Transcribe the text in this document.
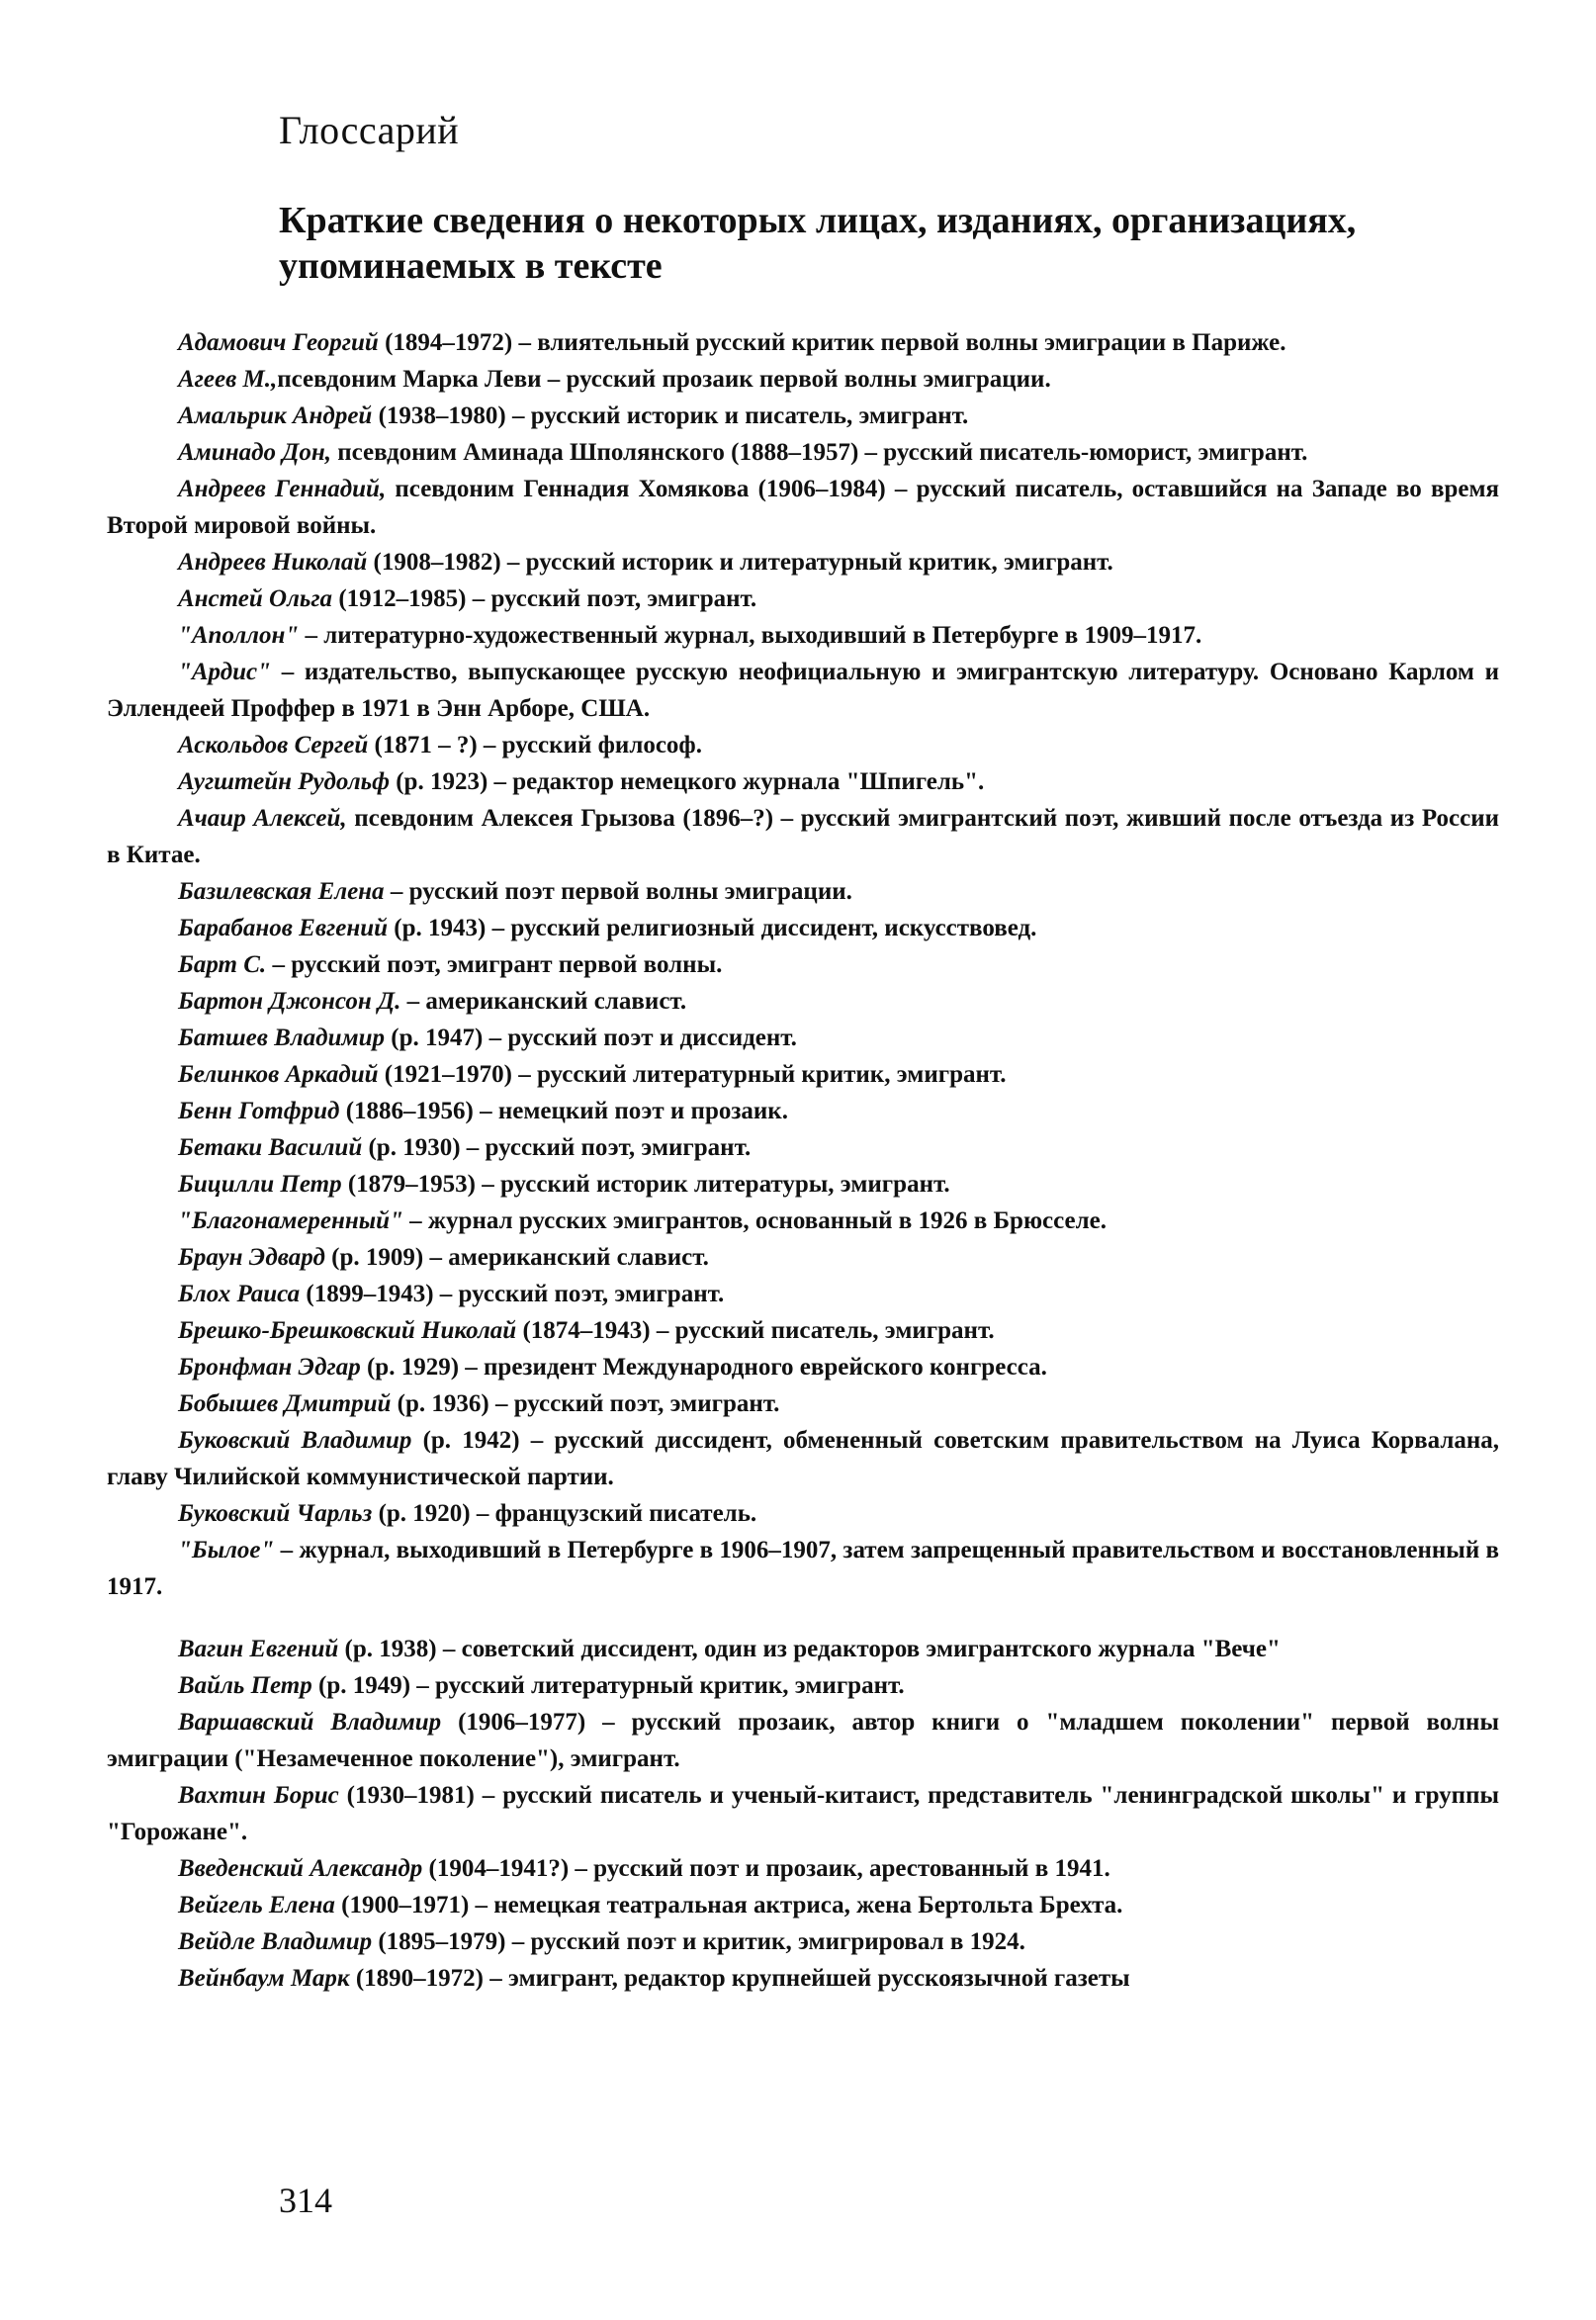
Глоссарий
Краткие сведения о некоторых лицах, изданиях, организациях, упоминаемых в тексте

Адамович Георгий (1894–1972) – влиятельный русский критик первой волны эмиграции в Париже.

Агеев М.,псевдоним Марка Леви – русский прозаик первой волны эмиграции.

Амальрик Андрей (1938–1980) – русский историк и писатель, эмигрант.

Аминадо Дон, псевдоним Аминада Шполянского (1888–1957) – русский писатель-юморист, эмигрант.

Андреев Геннадий, псевдоним Геннадия Хомякова (1906–1984) – русский писатель, оставшийся на Западе во время Второй мировой войны.

Андреев Николай (1908–1982) – русский историк и литературный критик, эмигрант.

Анстей Ольга (1912–1985) – русский поэт, эмигрант.

"Аполлон" – литературно-художественный журнал, выходивший в Петербурге в 1909–1917.

"Ардис" – издательство, выпускающее русскую неофициальную и эмигрантскую литературу. Основано Карлом и Эллендеей Проффер в 1971 в Энн Арборе, США.

Аскольдов Сергей (1871 – ?) – русский философ.

Аугштейн Рудольф (р. 1923) – редактор немецкого журнала "Шпигель".

Ачаир Алексей, псевдоним Алексея Грызова (1896–?) – русский эмигрантский поэт, живший после отъезда из России в Китае.

Базилевская Елена – русский поэт первой волны эмиграции.

Барабанов Евгений (р. 1943) – русский религиозный диссидент, искусствовед.

Барт С. – русский поэт, эмигрант первой волны.

Бартон Джонсон Д. – американский славист.

Батшев Владимир (р. 1947) – русский поэт и диссидент.

Белинков Аркадий (1921–1970) – русский литературный критик, эмигрант.

Бенн Готфрид (1886–1956) – немецкий поэт и прозаик.

Бетаки Василий (р. 1930) – русский поэт, эмигрант.

Бицилли Петр (1879–1953) – русский историк литературы, эмигрант.

"Благонамеренный" – журнал русских эмигрантов, основанный в 1926 в Брюсселе.

Браун Эдвард (р. 1909) – американский славист.

Блох Раиса (1899–1943) – русский поэт, эмигрант.

Брешко-Брешковский Николай (1874–1943) – русский писатель, эмигрант.

Бронфман Эдгар (р. 1929) – президент Международного еврейского конгресса.

Бобышев Дмитрий (р. 1936) – русский поэт, эмигрант.

Буковский Владимир (р. 1942) – русский диссидент, обмененный советским правительством на Луиса Корвалана, главу Чилийской коммунистической партии.

Буковский Чарльз (р. 1920) – французский писатель.

"Былое" – журнал, выходивший в Петербурге в 1906–1907, затем запрещенный правительством и восстановленный в 1917.

Вагин Евгений (р. 1938) – советский диссидент, один из редакторов эмигрантского журнала "Вече"

Вайль Петр (р. 1949) – русский литературный критик, эмигрант.

Варшавский Владимир (1906–1977) – русский прозаик, автор книги о "младшем поколении" первой волны эмиграции ("Незамеченное поколение"), эмигрант.

Вахтин Борис (1930–1981) – русский писатель и ученый-китаист, представитель "ленинградской школы" и группы "Горожане".

Введенский Александр (1904–1941?) – русский поэт и прозаик, арестованный в 1941.

Вейгель Елена (1900–1971) – немецкая театральная актриса, жена Бертольта Брехта.

Вейдле Владимир (1895–1979) – русский поэт и критик, эмигрировал в 1924.

Вейнбаум Марк (1890–1972) – эмигрант, редактор крупнейшей русскоязычной газеты

314
